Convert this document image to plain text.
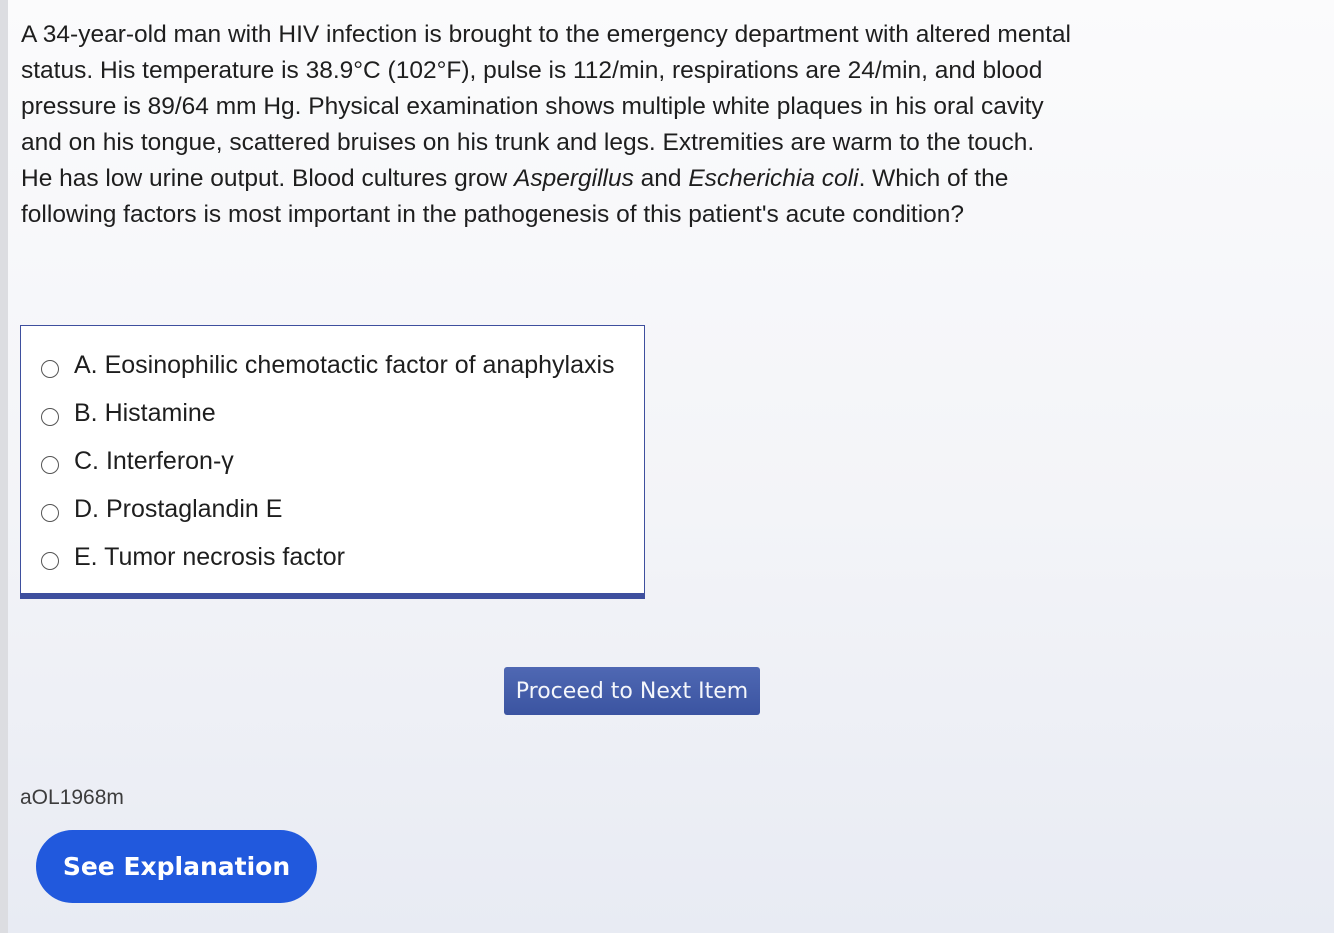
A 34-year-old man with HIV infection is brought to the emergency department with altered mental status. His temperature is 38.9°C (102°F), pulse is 112/min, respirations are 24/min, and blood pressure is 89/64 mm Hg. Physical examination shows multiple white plaques in his oral cavity and on his tongue, scattered bruises on his trunk and legs. Extremities are warm to the touch. He has low urine output. Blood cultures grow Aspergillus and Escherichia coli. Which of the following factors is most important in the pathogenesis of this patient's acute condition?

A. Eosinophilic chemotactic factor of anaphylaxis
B. Histamine
C. Interferon-γ
D. Prostaglandin E
E. Tumor necrosis factor
Proceed to Next Item
aOL1968m
See Explanation
